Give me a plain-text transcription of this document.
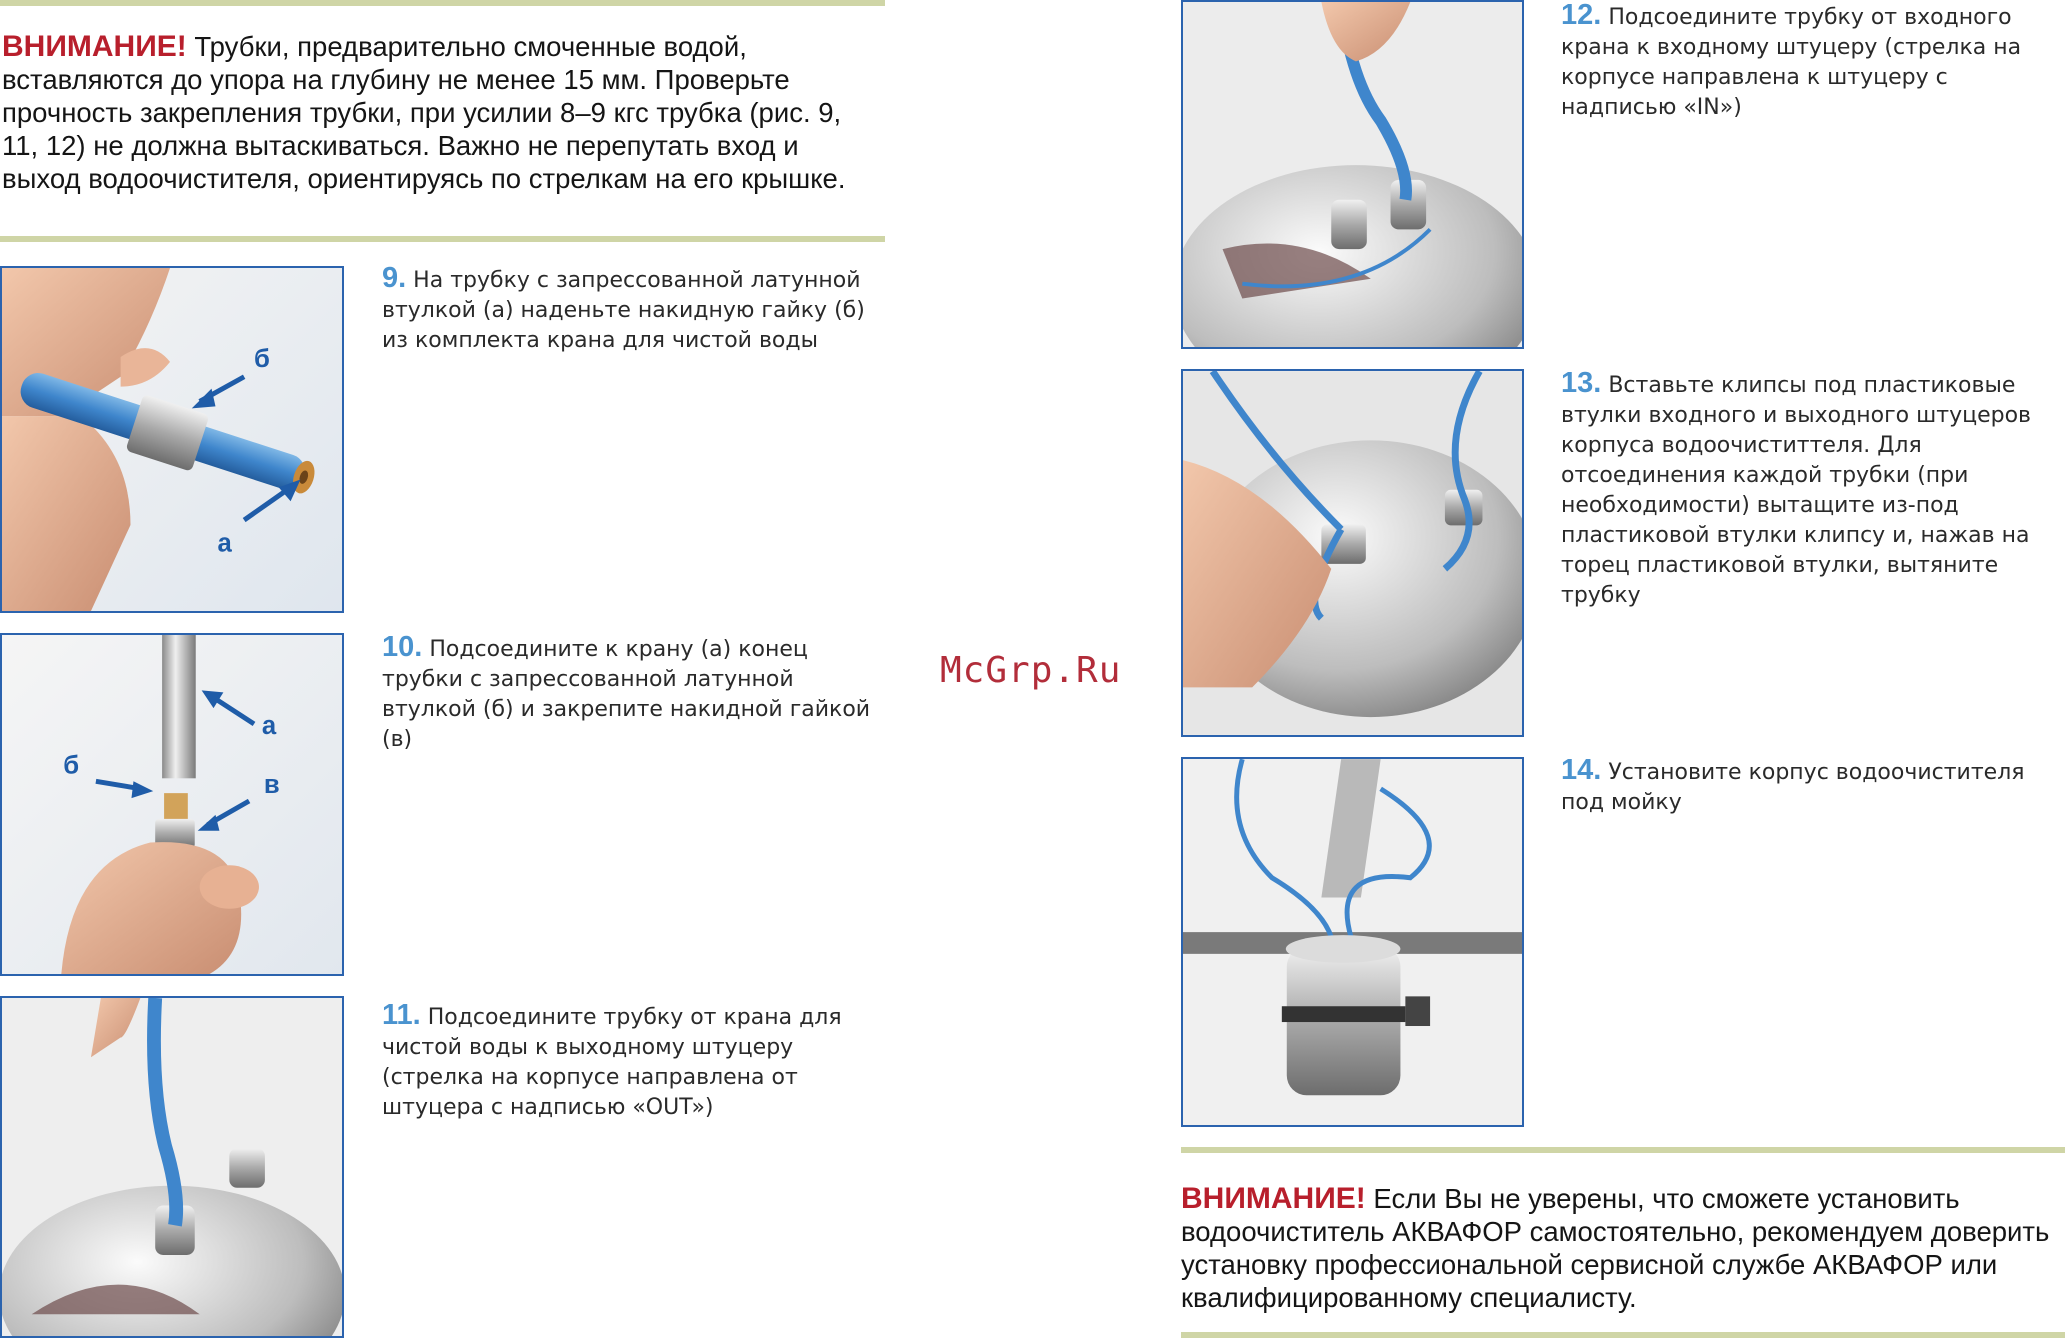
ВНИМАНИЕ! Трубки, предварительно смоченные водой, вставляются до упора на глубину не менее 15 мм. Проверьте прочность закрепления трубки, при усилии 8–9 кгс трубка (рис. 9, 11, 12) не должна вытаскиваться. Важно не перепутать вход и выход водоочистителя, ориентируясь по стрелкам на его крышке.
б
а
9. На трубку с запрессованной латунной втулкой (а) наденьте накидную гайку (б) из комплекта крана для чистой воды
а
б
в
10. Подсоедините к крану (а) конец трубки с запрессованной латунной втулкой (б) и закрепите накидной гайкой (в)
11. Подсоедините трубку от крана для чистой воды к выходному штуцеру (стрелка на корпусе направлена от штуцера с надписью «OUT»)
McGrp.Ru
12. Подсоедините трубку от входного крана к входному штуцеру (стрелка на корпусе направлена к штуцеру с надписью «IN»)
13. Вставьте клипсы под пластиковые втулки входного и выходного штуцеров корпуса водоочиститтеля. Для отсоединения каждой трубки (при необходимости) вытащите из-под пластиковой втулки клипсу и, нажав на торец пластиковой втулки, вытяните трубку
14. Установите корпус водоочистителя под мойку
ВНИМАНИЕ! Если Вы не уверены, что сможете установить водоочиститель АКВАФОР самостоятельно, рекомендуем доверить установку профессиональной сервисной службе АКВАФОР или квалифицированному специалисту.
